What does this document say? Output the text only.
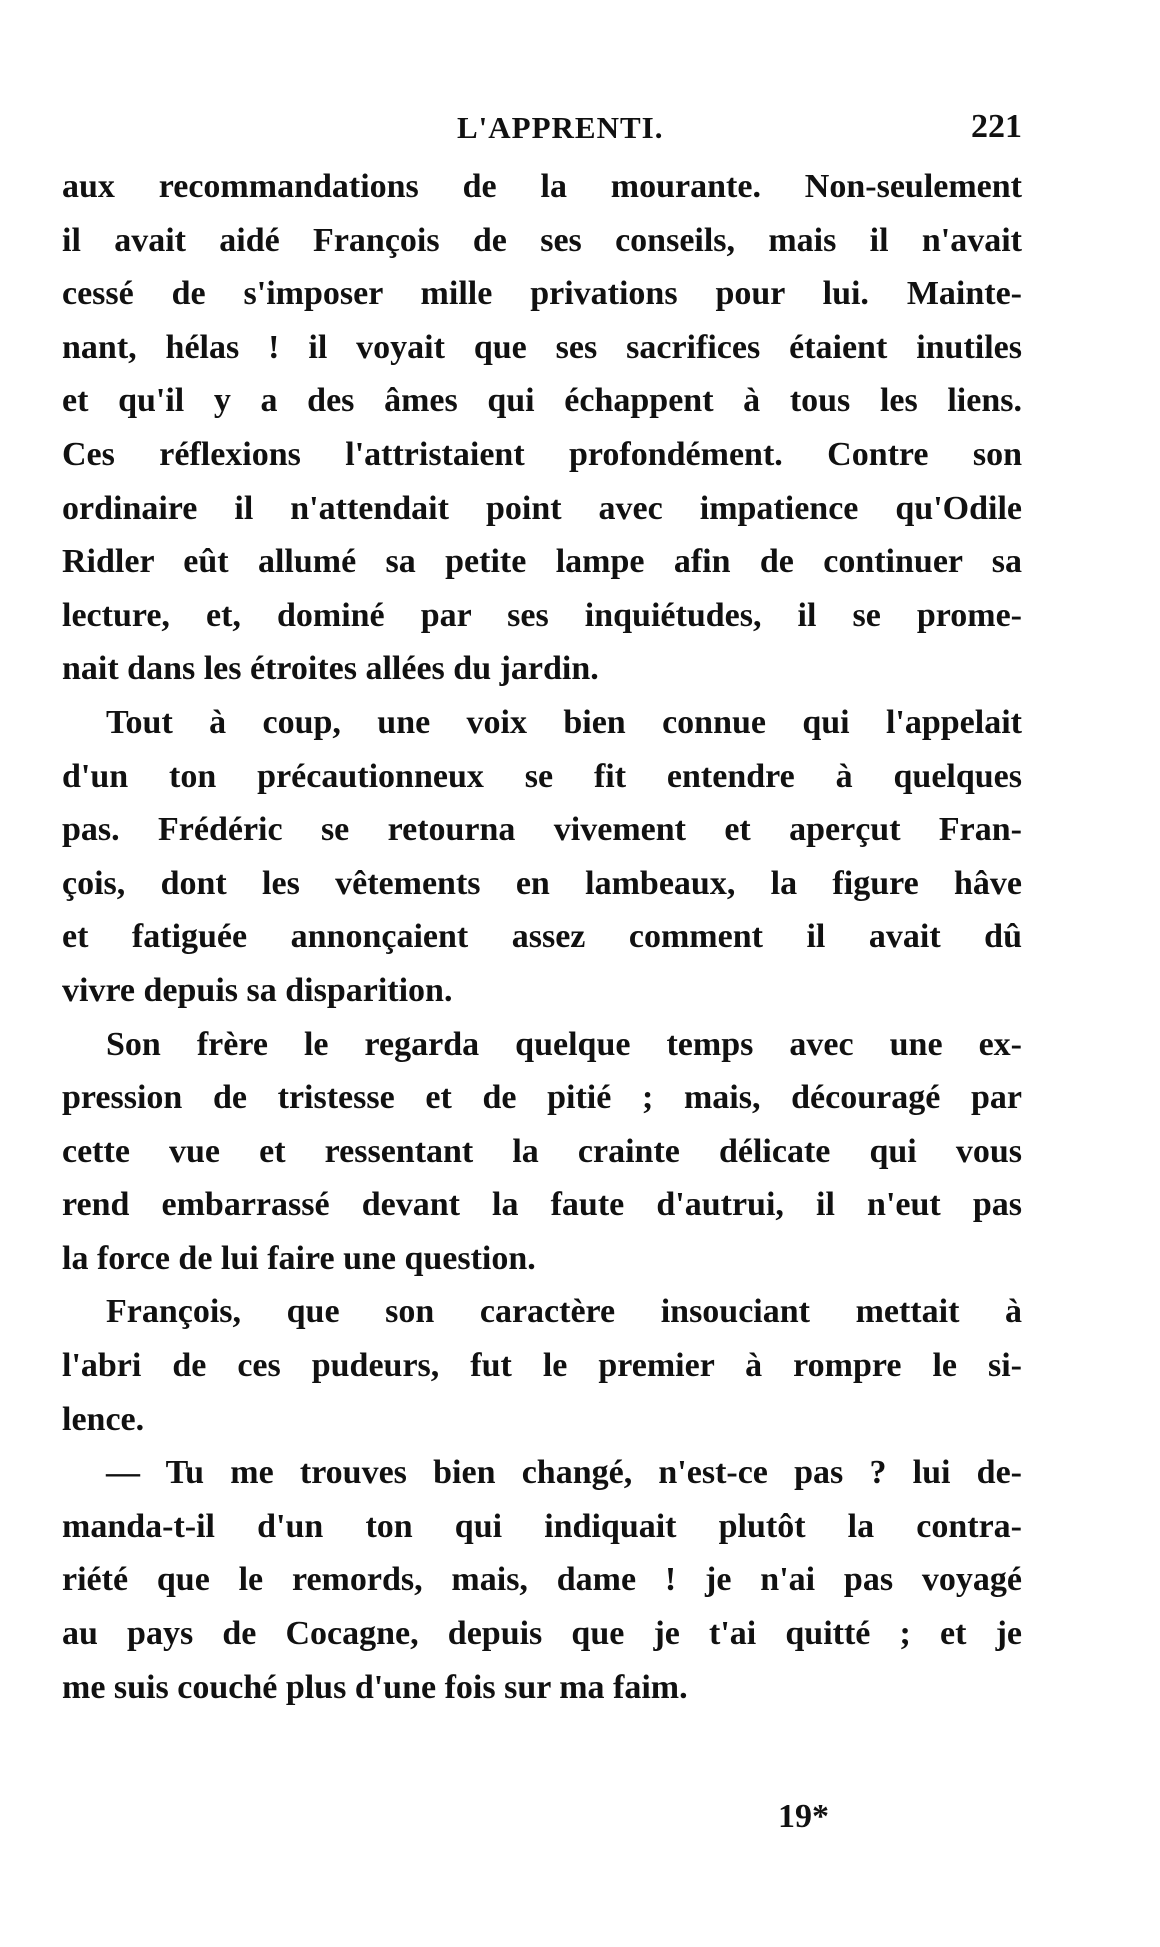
L'APPRENTI.	221
aux recommandations de la mourante. Non-seulement
il avait aidé François de ses conseils, mais il n'avait
cessé de s'imposer mille privations pour lui. Mainte-
nant, hélas ! il voyait que ses sacrifices étaient inutiles
et qu'il y a des âmes qui échappent à tous les liens.
Ces réflexions l'attristaient profondément. Contre son
ordinaire il n'attendait point avec impatience qu'Odile
Ridler eût allumé sa petite lampe afin de continuer sa
lecture, et, dominé par ses inquiétudes, il se prome-
nait dans les étroites allées du jardin.
Tout à coup, une voix bien connue qui l'appelait
d'un ton précautionneux se fit entendre à quelques
pas. Frédéric se retourna vivement et aperçut Fran-
çois, dont les vêtements en lambeaux, la figure hâve
et fatiguée annonçaient assez comment il avait dû
vivre depuis sa disparition.
Son frère le regarda quelque temps avec une ex-
pression de tristesse et de pitié ; mais, découragé par
cette vue et ressentant la crainte délicate qui vous
rend embarrassé devant la faute d'autrui, il n'eut pas
la force de lui faire une question.
François, que son caractère insouciant mettait à
l'abri de ces pudeurs, fut le premier à rompre le si-
lence.
— Tu me trouves bien changé, n'est-ce pas ? lui de-
manda-t-il d'un ton qui indiquait plutôt la contra-
riété que le remords, mais, dame ! je n'ai pas voyagé
au pays de Cocagne, depuis que je t'ai quitté ; et je
me suis couché plus d'une fois sur ma faim.
19*
